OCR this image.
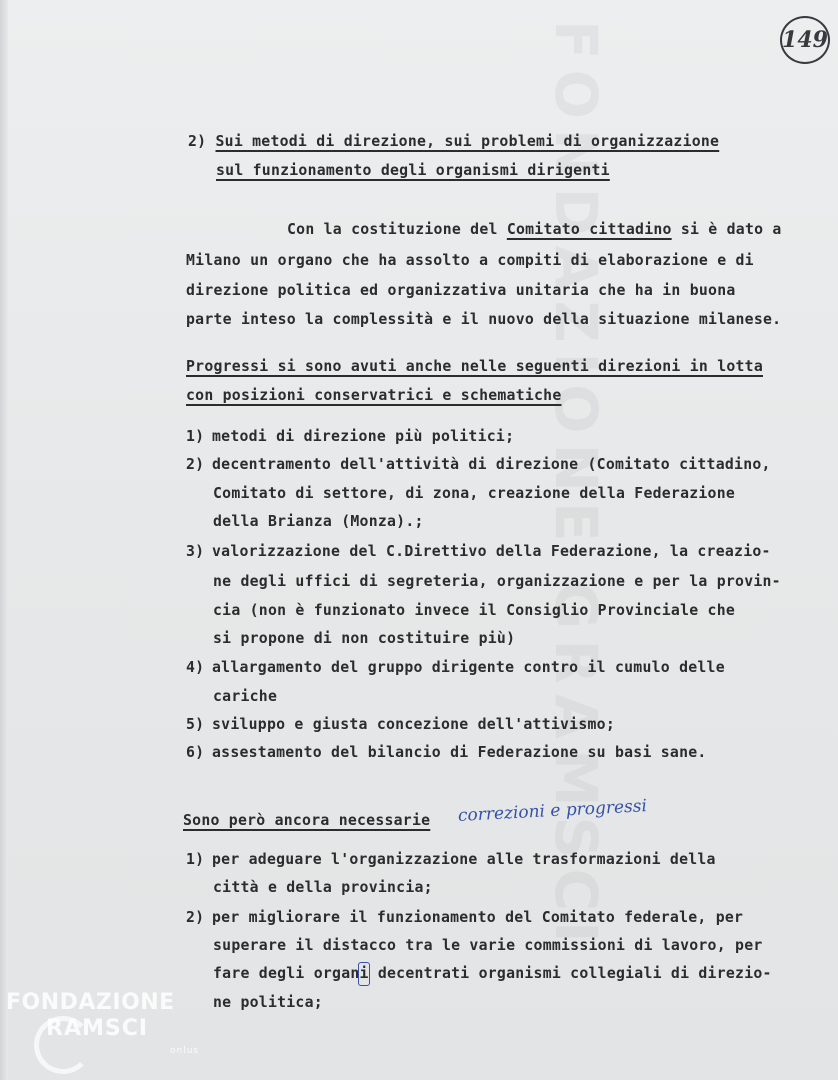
149
2) Sui metodi di direzione, sui problemi di organizzazione
sul funzionamento degli organismi dirigenti
Con la costituzione del Comitato cittadino si è dato a
Milano un organo che ha assolto a compiti di elaborazione e di
direzione politica ed organizzativa unitaria che ha in buona
parte inteso la complessità e il nuovo della situazione milanese.
Progressi si sono avuti anche nelle seguenti direzioni in lotta
con posizioni conservatrici e schematiche
1) metodi di direzione più politici;
2) decentramento dell'attività di direzione (Comitato cittadino,
Comitato di settore, di zona, creazione della Federazione
della Brianza (Monza).;
3) valorizzazione del C.Direttivo della Federazione, la creazio-
ne degli uffici di segreteria, organizzazione e per la provin-
cia (non è funzionato invece il Consiglio Provinciale che
si propone di non costituire più)
4) allargamento del gruppo dirigente contro il cumulo delle
cariche
5) sviluppo e giusta concezione dell'attivismo;
6) assestamento del bilancio di Federazione su basi sane.
Sono però ancora necessarie correzioni e progressi
1) per adeguare l'organizzazione alle trasformazioni della
città e della provincia;
2) per migliorare il funzionamento del Comitato federale, per
superare il distacco tra le varie commissioni di lavoro, per
fare degli organi decentrati organismi collegiali di direzio-
ne politica;
FONDAZIONE
RAMSCI
onlus
